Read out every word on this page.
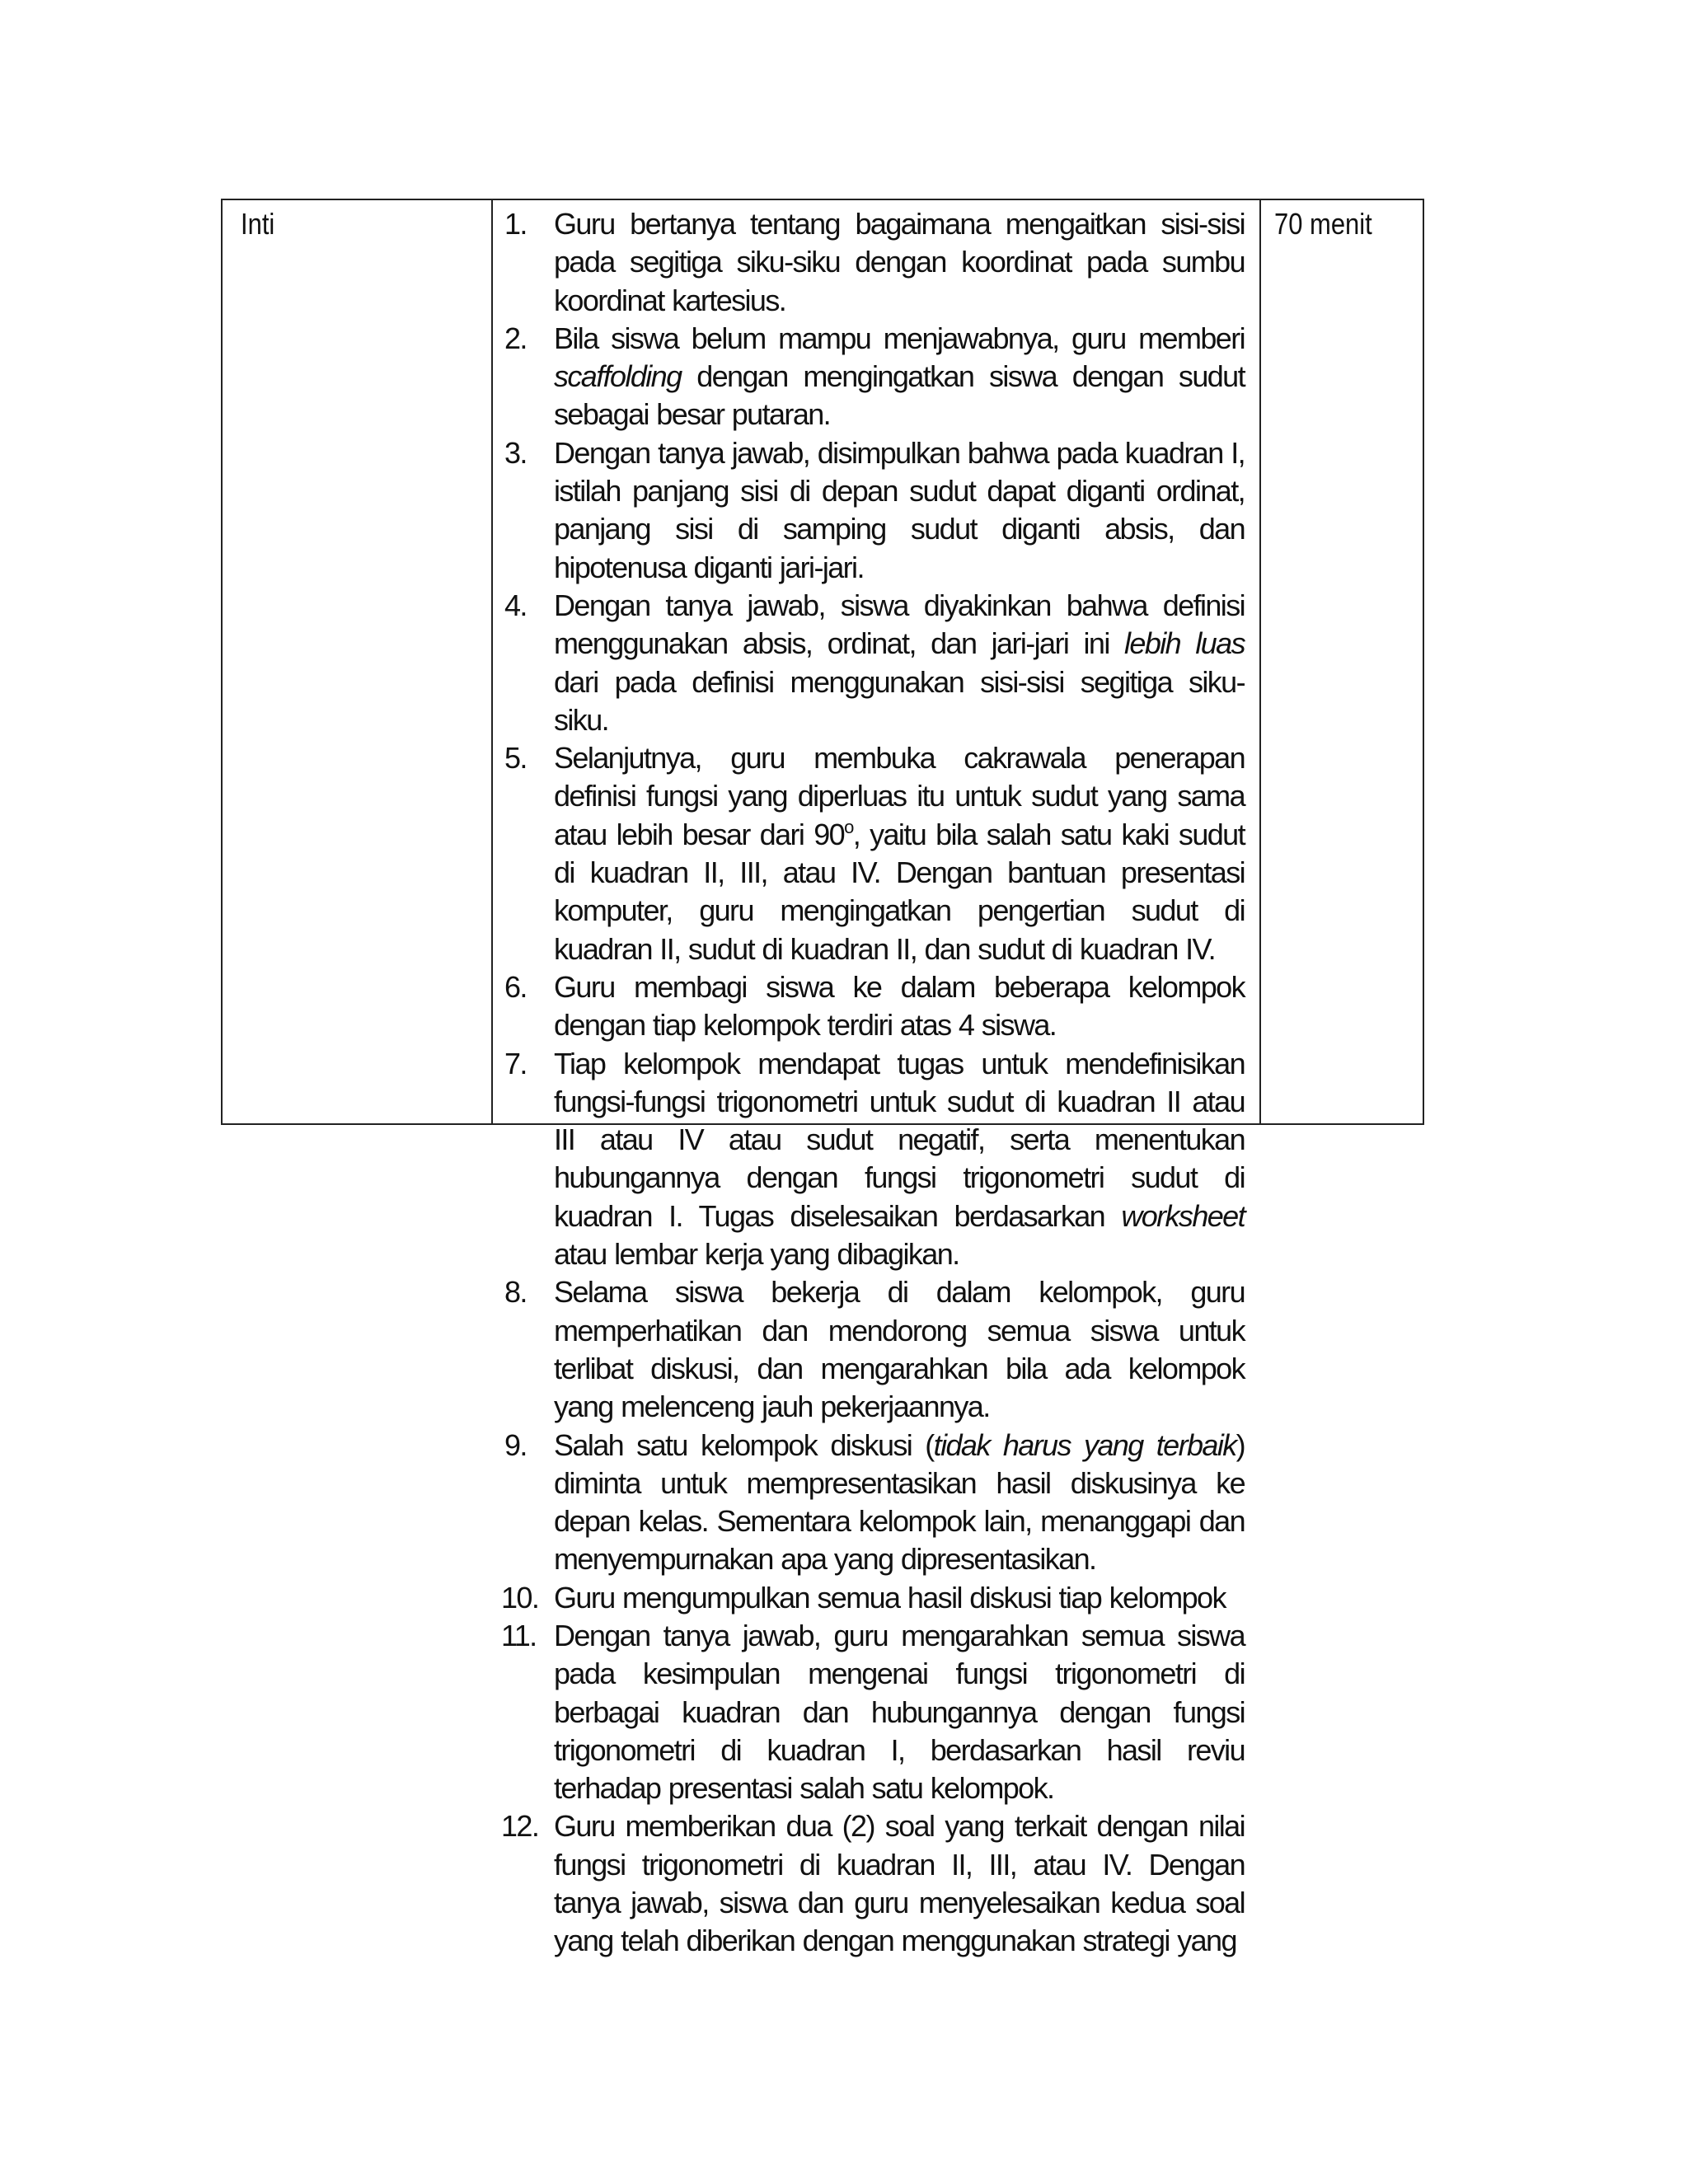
Inti	1. Guru bertanya tentang bagaimana mengaitkan sisi-sisi pada segitiga siku-siku dengan koordinat pada sumbu koordinat kartesius.
2. Bila siswa belum mampu menjawabnya, guru memberi scaffolding dengan mengingatkan siswa dengan sudut sebagai besar putaran.
3. Dengan tanya jawab, disimpulkan bahwa pada kuadran I, istilah panjang sisi di depan sudut dapat diganti ordinat, panjang sisi di samping sudut diganti absis, dan hipotenusa diganti jari-jari.
4. Dengan tanya jawab, siswa diyakinkan bahwa definisi menggunakan absis, ordinat, dan jari-jari ini lebih luas dari pada definisi menggunakan sisi-sisi segitiga siku-siku.
5. Selanjutnya, guru membuka cakrawala penerapan definisi fungsi yang diperluas itu untuk sudut yang sama atau lebih besar dari 90$^o$, yaitu bila salah satu kaki sudut di kuadran II, III, atau IV. Dengan bantuan presentasi komputer, guru mengingatkan pengertian sudut di kuadran II, sudut di kuadran II, dan sudut di kuadran IV.
6. Guru membagi siswa ke dalam beberapa kelompok dengan tiap kelompok terdiri atas 4 siswa.
7. Tiap kelompok mendapat tugas untuk mendefinisikan fungsi-fungsi trigonometri untuk sudut di kuadran II atau III atau IV atau sudut negatif, serta menentukan hubungannya dengan fungsi trigonometri sudut di kuadran I. Tugas diselesaikan berdasarkan worksheet atau lembar kerja yang dibagikan.
8. Selama siswa bekerja di dalam kelompok, guru memperhatikan dan mendorong semua siswa untuk terlibat diskusi, dan mengarahkan bila ada kelompok yang melenceng jauh pekerjaannya.
9. Salah satu kelompok diskusi (tidak harus yang terbaik) diminta untuk mempresentasikan hasil diskusinya ke depan kelas. Sementara kelompok lain, menanggapi dan menyempurnakan apa yang dipresentasikan.
10. Guru mengumpulkan semua hasil diskusi tiap kelompok
11. Dengan tanya jawab, guru mengarahkan semua siswa pada kesimpulan mengenai fungsi trigonometri di berbagai kuadran dan hubungannya dengan fungsi trigonometri di kuadran I, berdasarkan hasil reviu terhadap presentasi salah satu kelompok.
12. Guru memberikan dua (2) soal yang terkait dengan nilai fungsi trigonometri di kuadran II, III, atau IV. Dengan tanya jawab, siswa dan guru menyelesaikan kedua soal yang telah diberikan dengan menggunakan strategi yang
70 menit
